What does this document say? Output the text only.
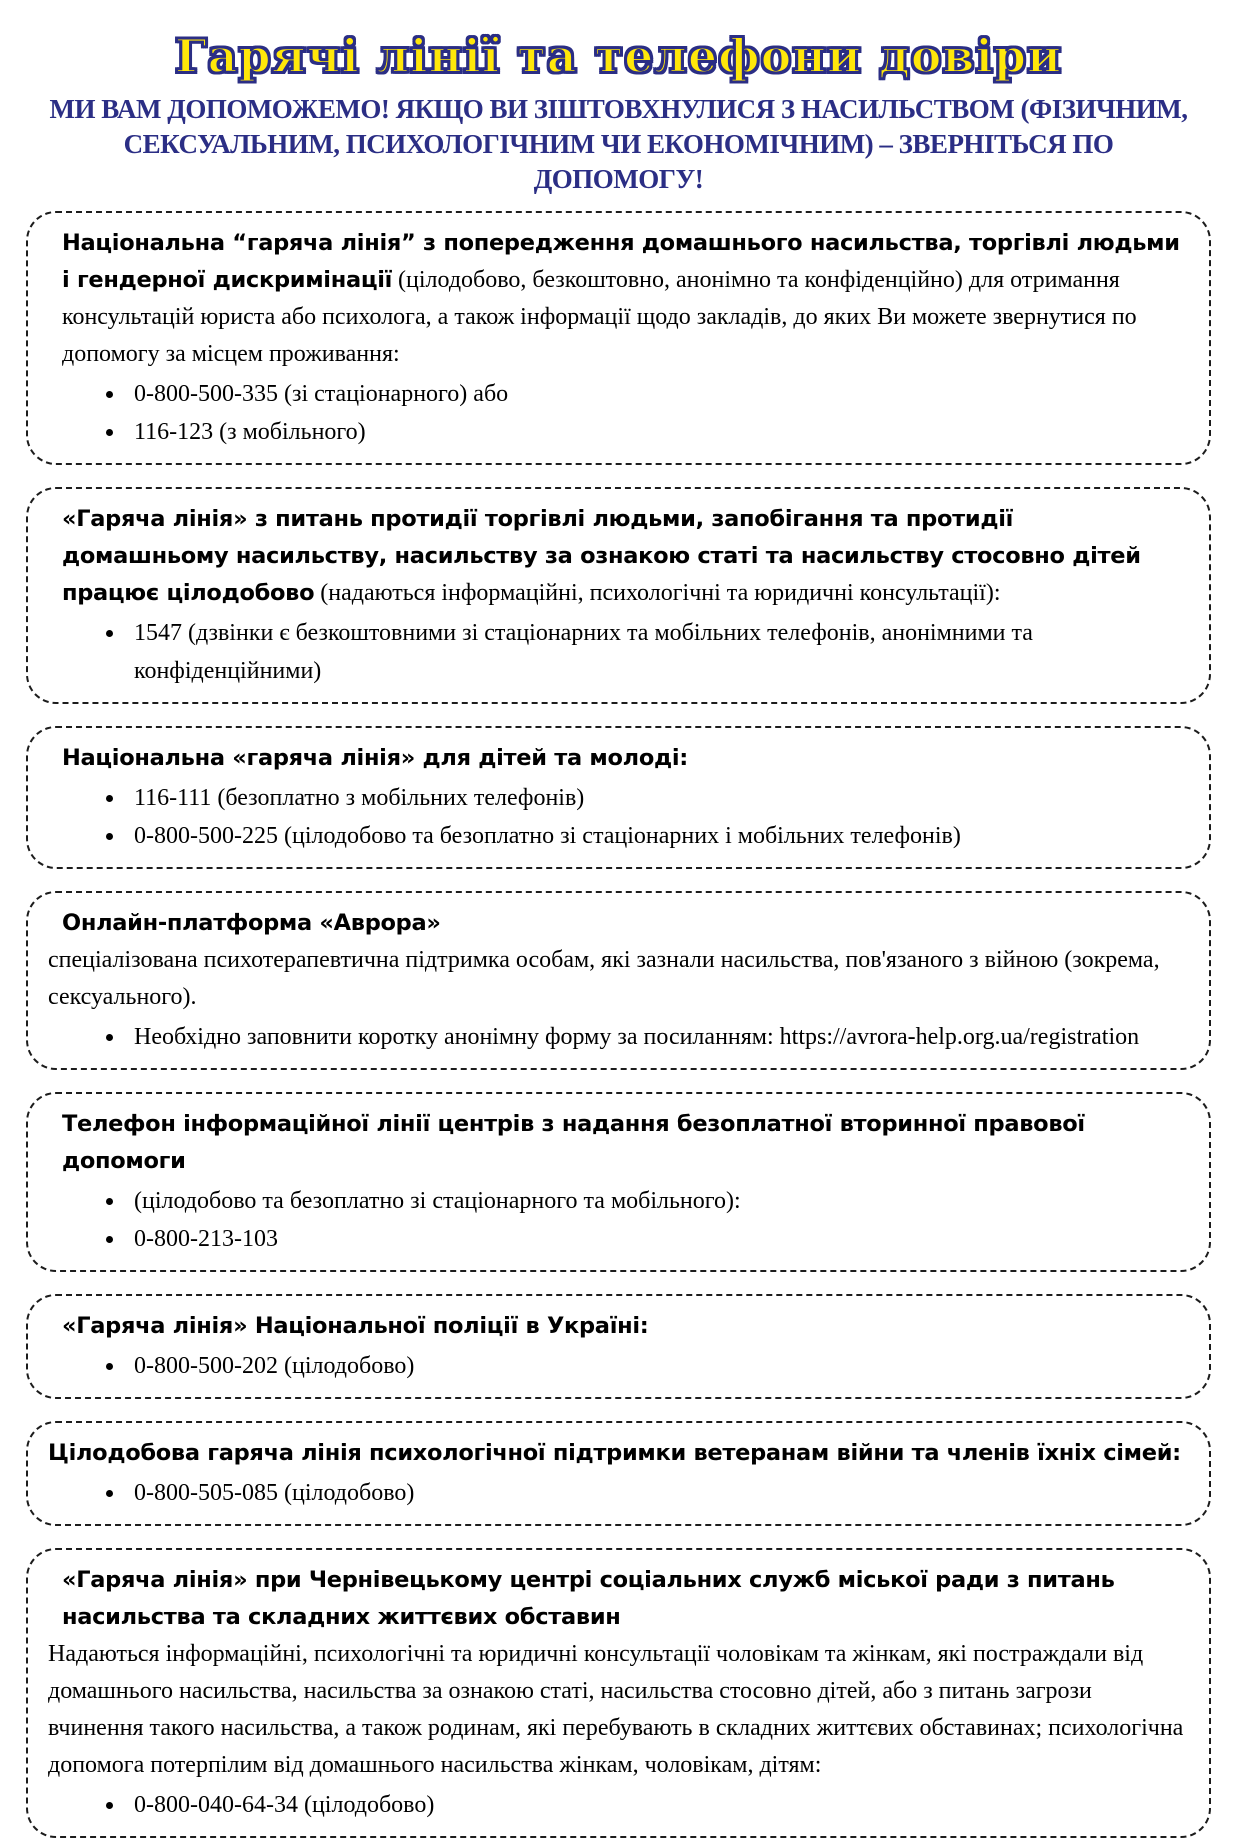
Гарячі лінії та телефони довіри
МИ ВАМ ДОПОМОЖЕМО! ЯКЩО ВИ ЗІШТОВХНУЛИСЯ З НАСИЛЬСТВОМ (ФІЗИЧНИМ, СЕКСУАЛЬНИМ, ПСИХОЛОГІЧНИМ ЧИ ЕКОНОМІЧНИМ) – ЗВЕРНІТЬСЯ ПО ДОПОМОГУ!

Національна “гаряча лінія” з попередження домашнього насильства, торгівлі людьми і гендерної дискримінації (цілодобово, безкоштовно, анонімно та конфіденційно) для отримання консультацій юриста або психолога, а також інформації щодо закладів, до яких Ви можете звернутися по допомогу за місцем проживання:

• 0-800-500-335 (зі стаціонарного) або
• 116-123 (з мобільного)

«Гаряча лінія» з питань протидії торгівлі людьми, запобігання та протидії домашньому насильству, насильству за ознакою статі та насильству стосовно дітей працює цілодобово (надаються інформаційні, психологічні та юридичні консультації):

• 1547 (дзвінки є безкоштовними зі стаціонарних та мобільних телефонів, анонімними та конфіденційними)

Національна «гаряча лінія» для дітей та молоді:

• 116-111 (безоплатно з мобільних телефонів)
• 0-800-500-225 (цілодобово та безоплатно зі стаціонарних і мобільних телефонів)

Онлайн-платформа «Аврора»
спеціалізована психотерапевтична підтримка особам, які зазнали насильства, пов'язаного з війною (зокрема, сексуального).

• Необхідно заповнити коротку анонімну форму за посиланням: https://avrora-help.org.ua/registration

Телефон інформаційної лінії центрів з надання безоплатної вторинної правової допомоги

• (цілодобово та безоплатно зі стаціонарного та мобільного):
• 0-800-213-103

«Гаряча лінія» Національної поліції в Україні:

• 0-800-500-202 (цілодобово)

Цілодобова гаряча лінія психологічної підтримки ветеранам війни та членів їхніх сімей:

• 0-800-505-085 (цілодобово)

«Гаряча лінія» при Чернівецькому центрі соціальних служб міської ради з питань насильства та складних життєвих обставин
Надаються інформаційні, психологічні та юридичні консультації чоловікам та жінкам, які постраждали від домашнього насильства, насильства за ознакою статі, насильства стосовно дітей, або з питань загрози вчинення такого насильства, а також родинам, які перебувають в складних життєвих обставинах; психологічна допомога потерпілим від домашнього насильства жінкам, чоловікам, дітям:

• 0-800-040-64-34 (цілодобово)
